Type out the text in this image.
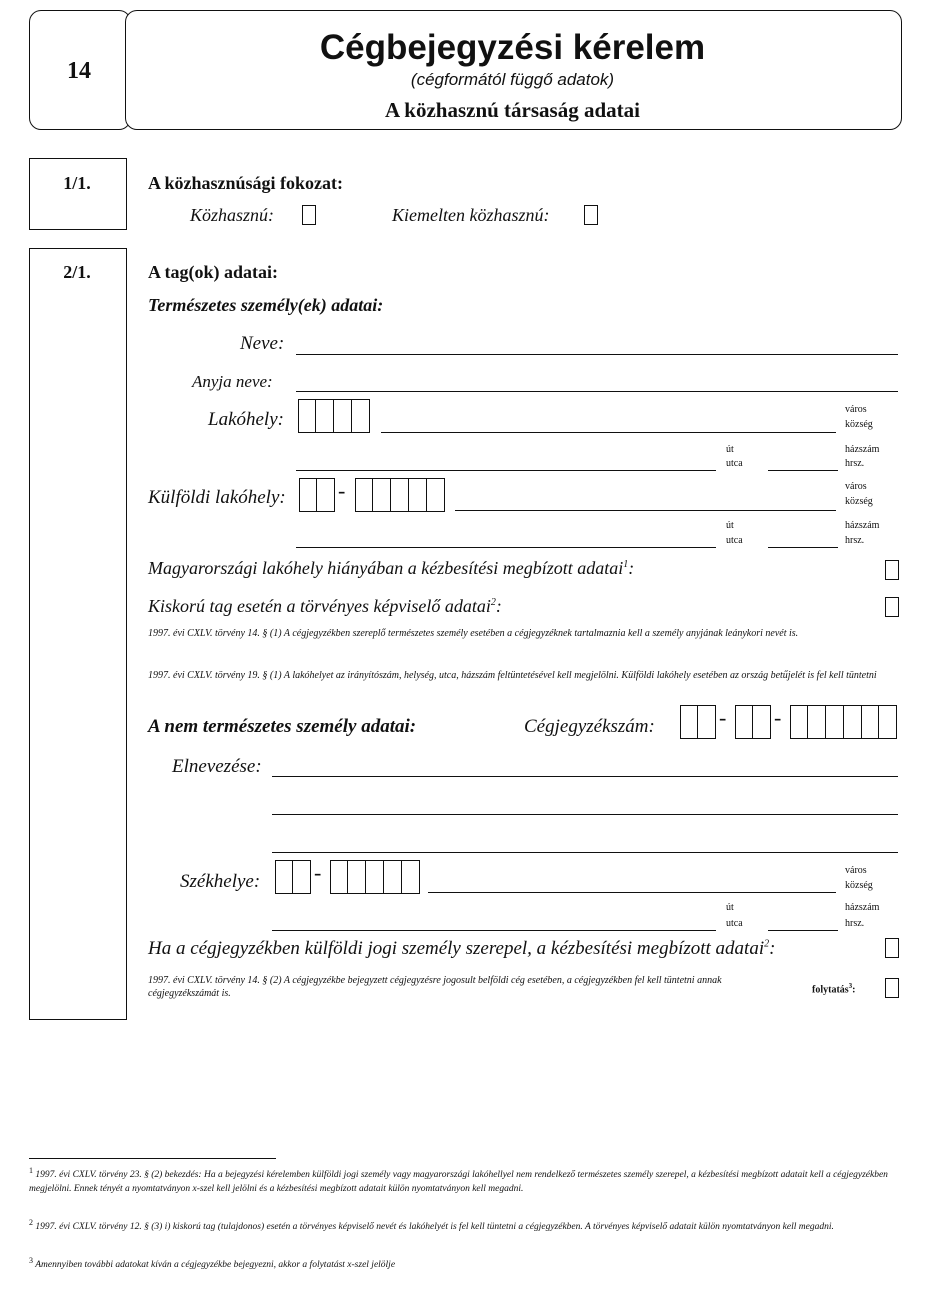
14
Cégbejegyzési kérelem
(cégformától függő adatok)
A közhasznú társaság adatai
1/1.	A közhasznúsági fokozat:
Közhasznú:	Kiemelten közhasznú:
2/1.	A tag(ok) adatai:
Természetes személy(ek) adatai:
Neve:
Anyja neve:
Lakóhely:	város
község
út
utca
házszám
hrsz.
Külföldi lakóhely: -	város
község
út
utca
házszám
hrsz.
Magyarországi lakóhely hiányában a kézbesítési megbízott adatai$^1$:
Kiskorú tag esetén a törvényes képviselő adatai$^2$:
1997. évi CXLV. törvény 14. § (1) A cégjegyzékben szereplő természetes személy esetében a cégjegyzéknek tartalmaznia kell a személy anyjának leánykori nevét is.
1997. évi CXLV. törvény 19. § (1) A lakóhelyet az irányítószám, helység, utca, házszám feltüntetésével kell megjelölni. Külföldi lakóhely esetében az ország betűjelét is fel kell tüntetni
A nem természetes személy adatai:	Cégjegyzékszám:	- -
Elnevezése:
Székhelye: -	város
község
út
utca
házszám
hrsz.
Ha a cégjegyzékben külföldi jogi személy szerepel, a kézbesítési megbízott adatai$^2$:
1997. évi CXLV. törvény 14. § (2) A cégjegyzékbe bejegyzett cégjegyzésre jogosult belföldi cég esetében, a cégjegyzékben fel kell tüntetni annak cégjegyzékszámát is.	folytatás$^3$:
$^1$ 1997. évi CXLV. törvény 23. § (2) bekezdés: Ha a bejegyzési kérelemben külföldi jogi személy vagy magyarországi lakóhellyel nem rendelkező természetes személy szerepel, a kézbesítési megbízott adatait kell a cégjegyzékben megjelölni. Ennek tényét a nyomtatványon x-szel kell jelölni és a kézbesítési megbízott adatait külön nyomtatványon kell megadni.
$^2$ 1997. évi CXLV. törvény 12. § (3) i) kiskorú tag (tulajdonos) esetén a törvényes képviselő nevét és lakóhelyét is fel kell tüntetni a cégjegyzékben. A törvényes képviselő adatait külön nyomtatványon kell megadni.
$^3$ Amennyiben további adatokat kíván a cégjegyzékbe bejegyezni, akkor a folytatást x-szel jelölje
